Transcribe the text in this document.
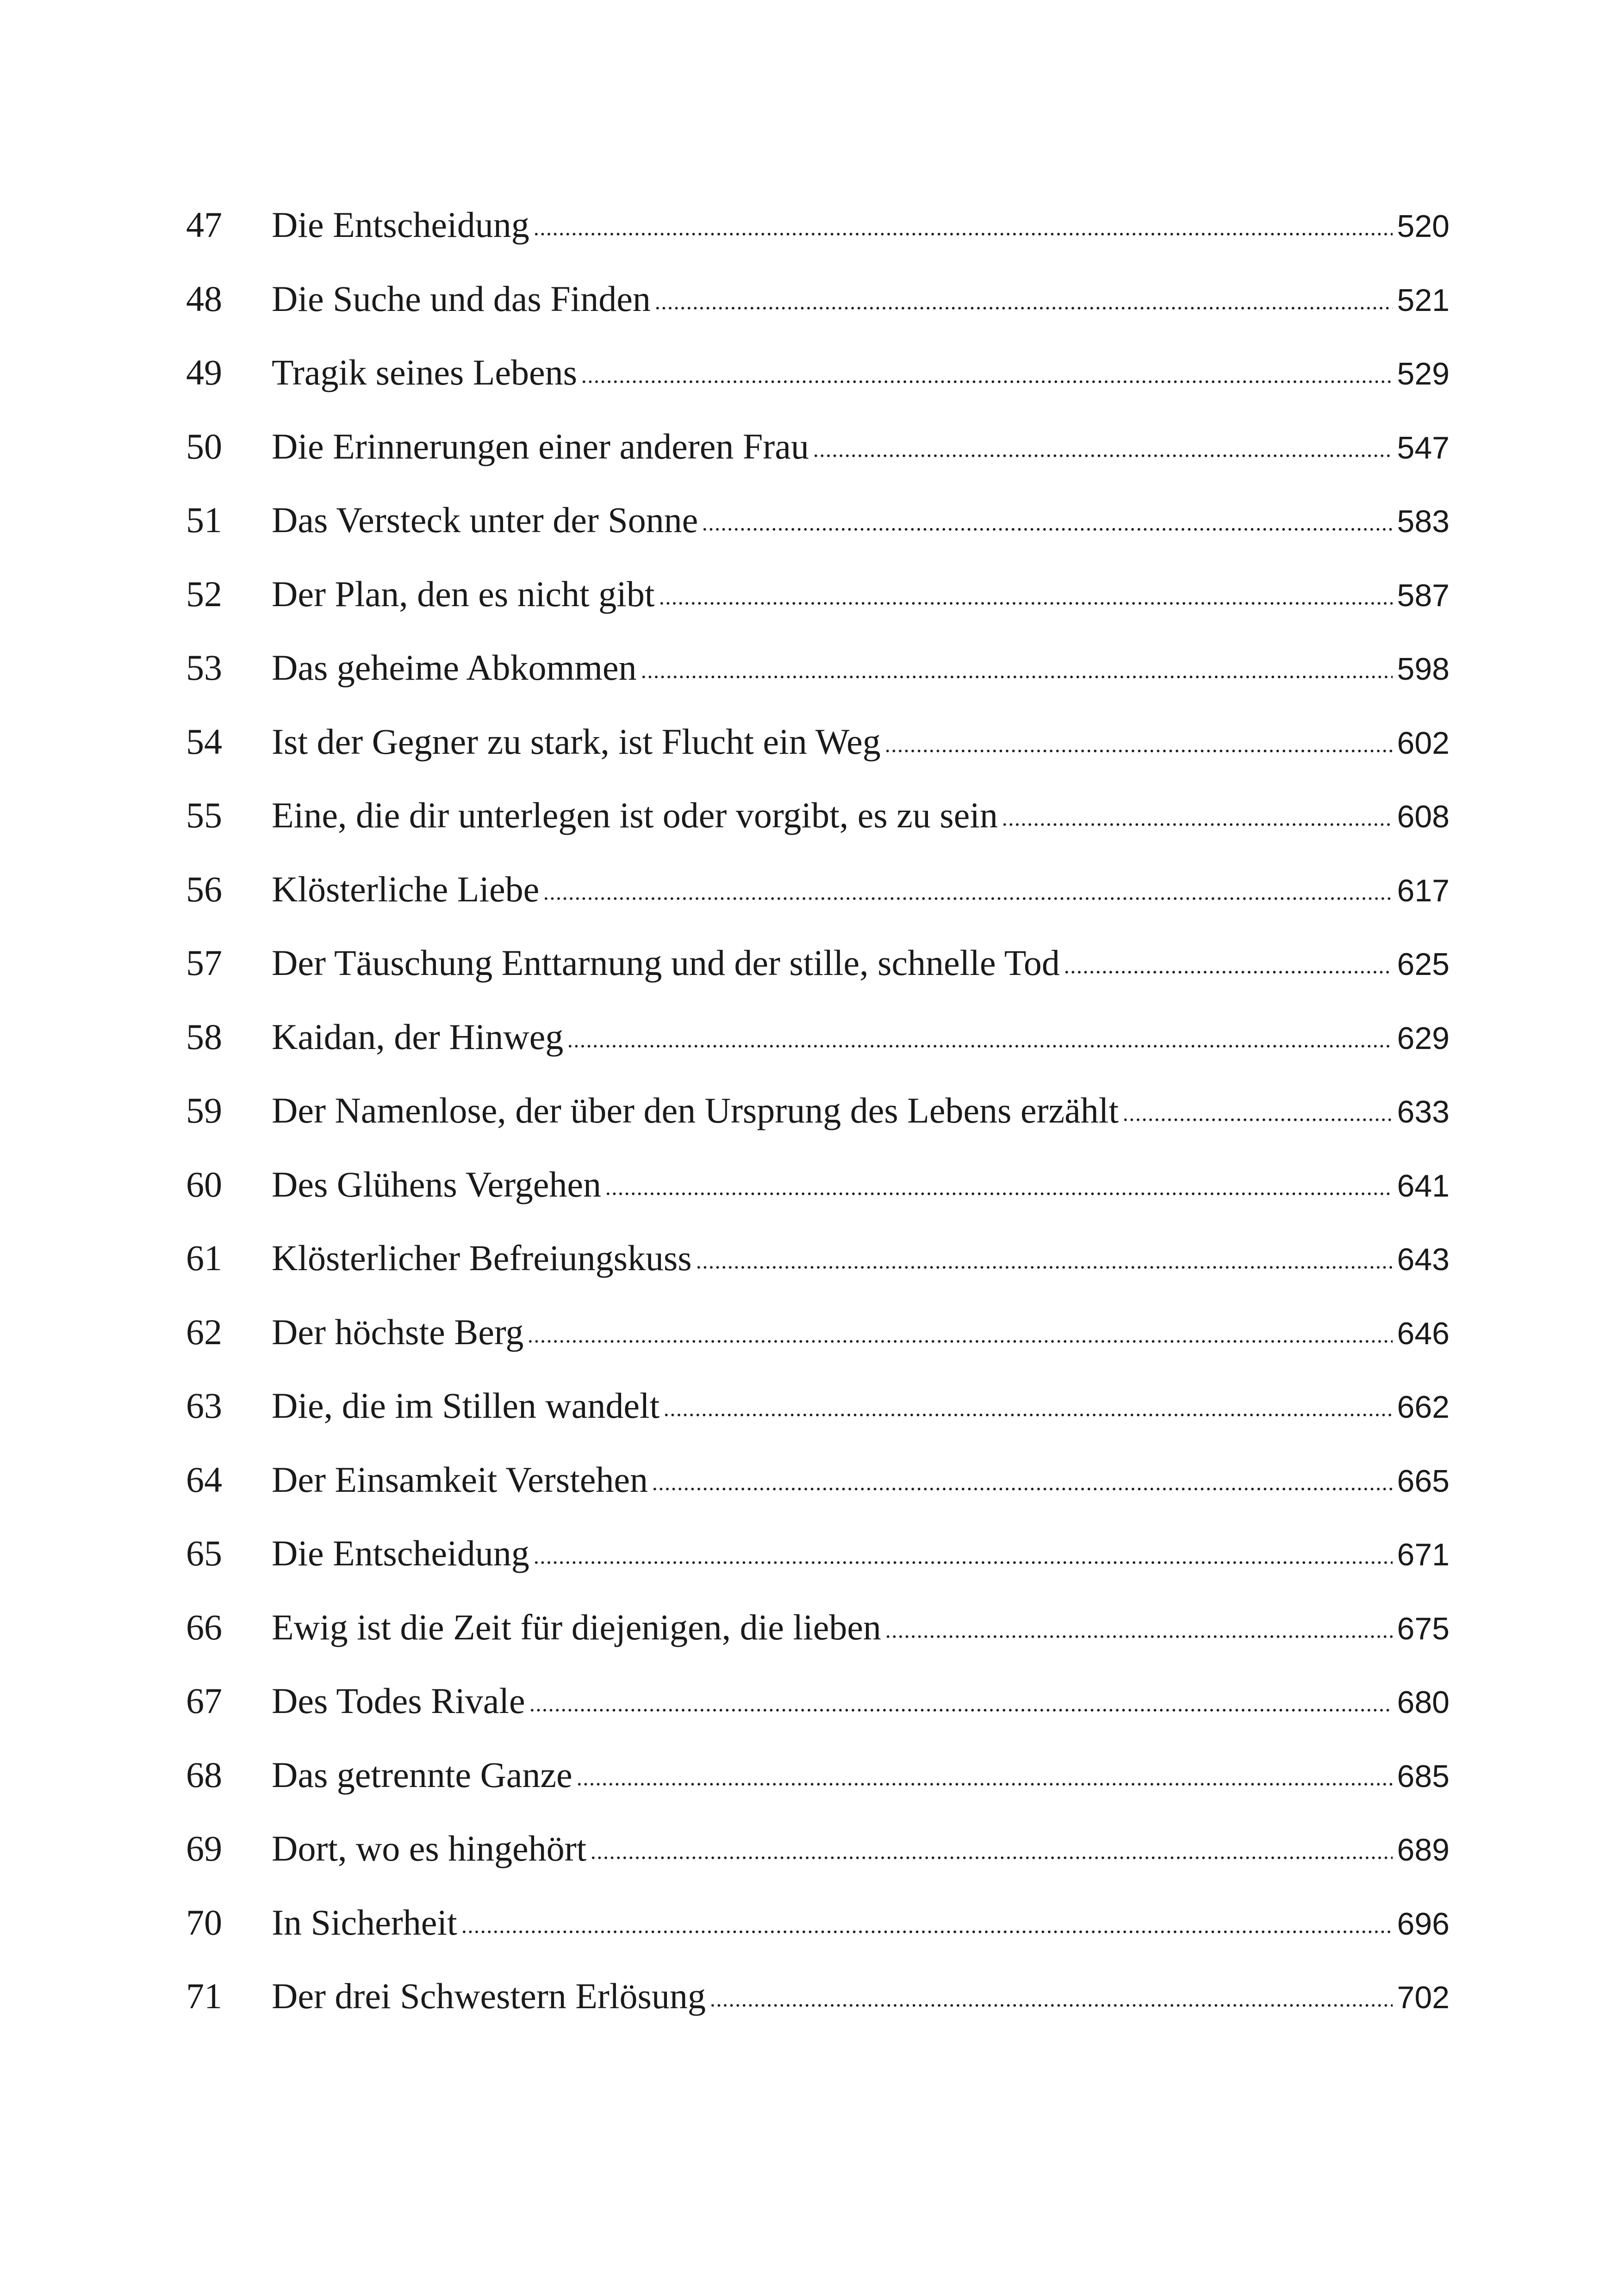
47	Die Entscheidung	520
48	Die Suche und das Finden	521
49	Tragik seines Lebens	529
50	Die Erinnerungen einer anderen Frau	547
51	Das Versteck unter der Sonne	583
52	Der Plan, den es nicht gibt	587
53	Das geheime Abkommen	598
54	Ist der Gegner zu stark, ist Flucht ein Weg	602
55	Eine, die dir unterlegen ist oder vorgibt, es zu sein	608
56	Klösterliche Liebe	617
57	Der Täuschung Enttarnung und der stille, schnelle Tod	625
58	Kaidan, der Hinweg	629
59	Der Namenlose, der über den Ursprung des Lebens erzählt	633
60	Des Glühens Vergehen	641
61	Klösterlicher Befreiungskuss	643
62	Der höchste Berg	646
63	Die, die im Stillen wandelt	662
64	Der Einsamkeit Verstehen	665
65	Die Entscheidung	671
66	Ewig ist die Zeit für diejenigen, die lieben	675
67	Des Todes Rivale	680
68	Das getrennte Ganze	685
69	Dort, wo es hingehört	689
70	In Sicherheit	696
71	Der drei Schwestern Erlösung	702
